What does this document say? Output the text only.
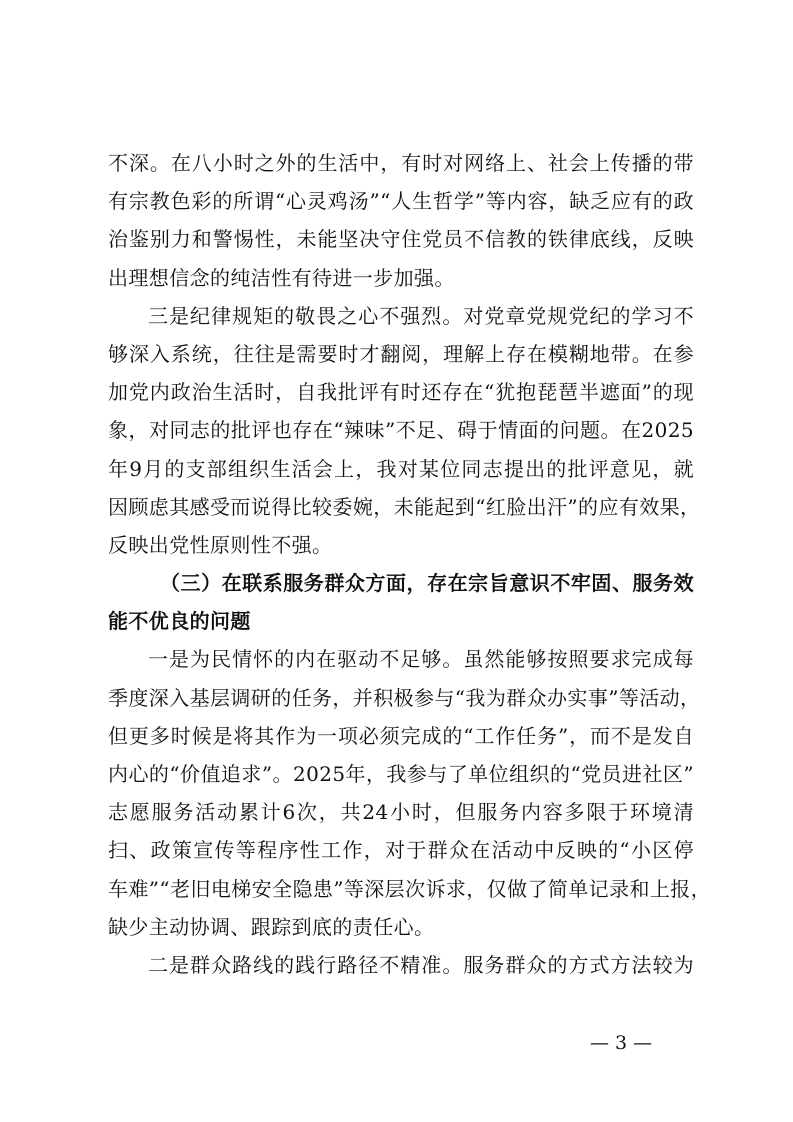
不深。在八小时之外的生活中，有时对网络上、社会上传播的带
有宗教色彩的所谓“心灵鸡汤”“人生哲学”等内容，缺乏应有的政
治鉴别力和警惕性，未能坚决守住党员不信教的铁律底线，反映
出理想信念的纯洁性有待进一步加强。
三是纪律规矩的敬畏之心不强烈。对党章党规党纪的学习不
够深入系统，往往是需要时才翻阅，理解上存在模糊地带。在参
加党内政治生活时，自我批评有时还存在“犹抱琵琶半遮面”的现
象，对同志的批评也存在“辣味”不足、碍于情面的问题。在2025
年9月的支部组织生活会上，我对某位同志提出的批评意见，就
因顾虑其感受而说得比较委婉，未能起到“红脸出汗”的应有效果，
反映出党性原则性不强。
（三）在联系服务群众方面，存在宗旨意识不牢固、服务效
能不优良的问题
一是为民情怀的内在驱动不足够。虽然能够按照要求完成每
季度深入基层调研的任务，并积极参与“我为群众办实事”等活动，
但更多时候是将其作为一项必须完成的“工作任务”，而不是发自
内心的“价值追求”。2025年，我参与了单位组织的“党员进社区”
志愿服务活动累计6次，共24小时，但服务内容多限于环境清
扫、政策宣传等程序性工作，对于群众在活动中反映的“小区停
车难”“老旧电梯安全隐患”等深层次诉求，仅做了简单记录和上报，
缺少主动协调、跟踪到底的责任心。
二是群众路线的践行路径不精准。服务群众的方式方法较为
— 3 —
